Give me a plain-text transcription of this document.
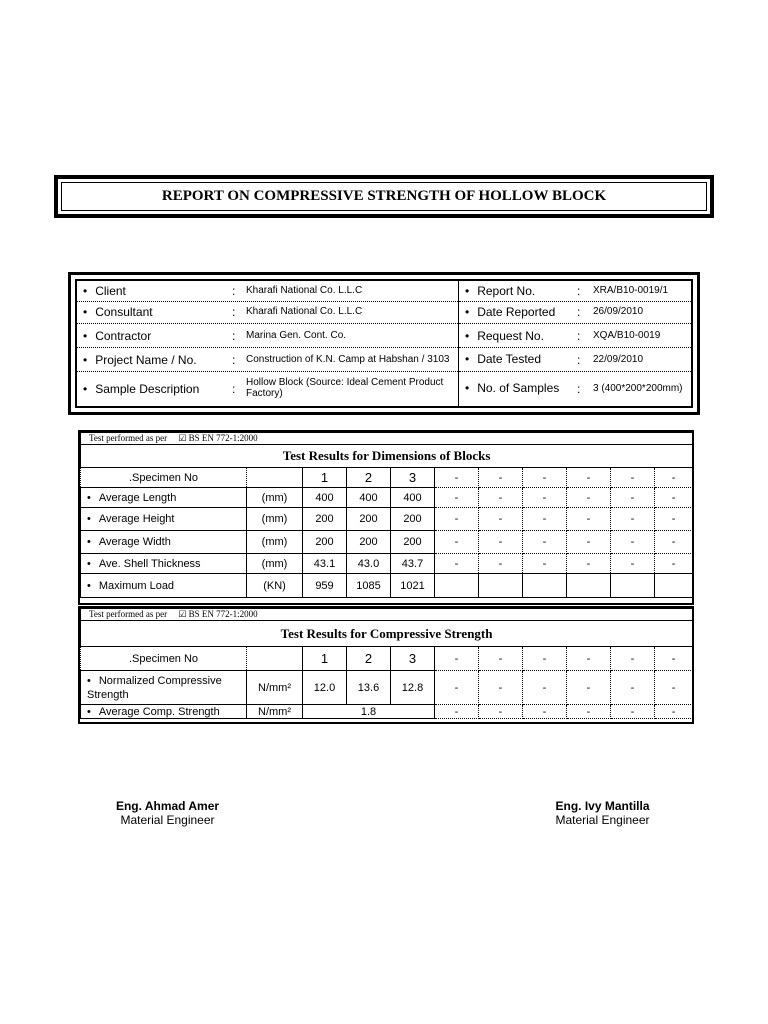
REPORT ON COMPRESSIVE STRENGTH OF HOLLOW BLOCK
• Client	: Kharafi National Co. L.L.C
• Consultant	: Kharafi National Co. L.L.C
• Contractor	: Marina Gen. Cont. Co.
• Project Name / No.	: Construction of K.N. Camp at Habshan / 3103
• Sample Description	: Hollow Block (Source: Ideal Cement Product Factory)
• Report No.	: XRA/B10-0019/1
• Date Reported : 26/09/2010
• Request No.	: XQA/B10-0019
• Date Tested	: 22/09/2010
• No. of Samples : 3 (400*200*200mm)
Test performed as per ☑ BS EN 772-1:2000										
Test Results for Dimensions of Blocks										
.Specimen No		1	2	3	-	-	-	-	-	-
• Average Length	(mm)	400	400	400	-	-	-	-	-	-
• Average Height	(mm)	200	200	200	-	-	-	-	-	-
• Average Width	(mm)	200	200	200	-	-	-	-	-	-
• Ave. Shell Thickness	(mm)	43.1	43.0	43.7	-	-	-	-	-	-
• Maximum Load	(KN)	959	1085	1021						
Test performed as per ☑ BS EN 772-1:2000										
Test Results for Compressive Strength										
.Specimen No		1	2	3	-	-	-	-	-	-
• Normalized Compressive
Strength	N/mm²	12.0	13.6	12.8	-	-	-	-	-	-
• Average Comp. Strength	N/mm²	1.8			-	-	-	-	-	-
Eng. Ahmad Amer
Material Engineer
Eng. Ivy Mantilla
Material Engineer
